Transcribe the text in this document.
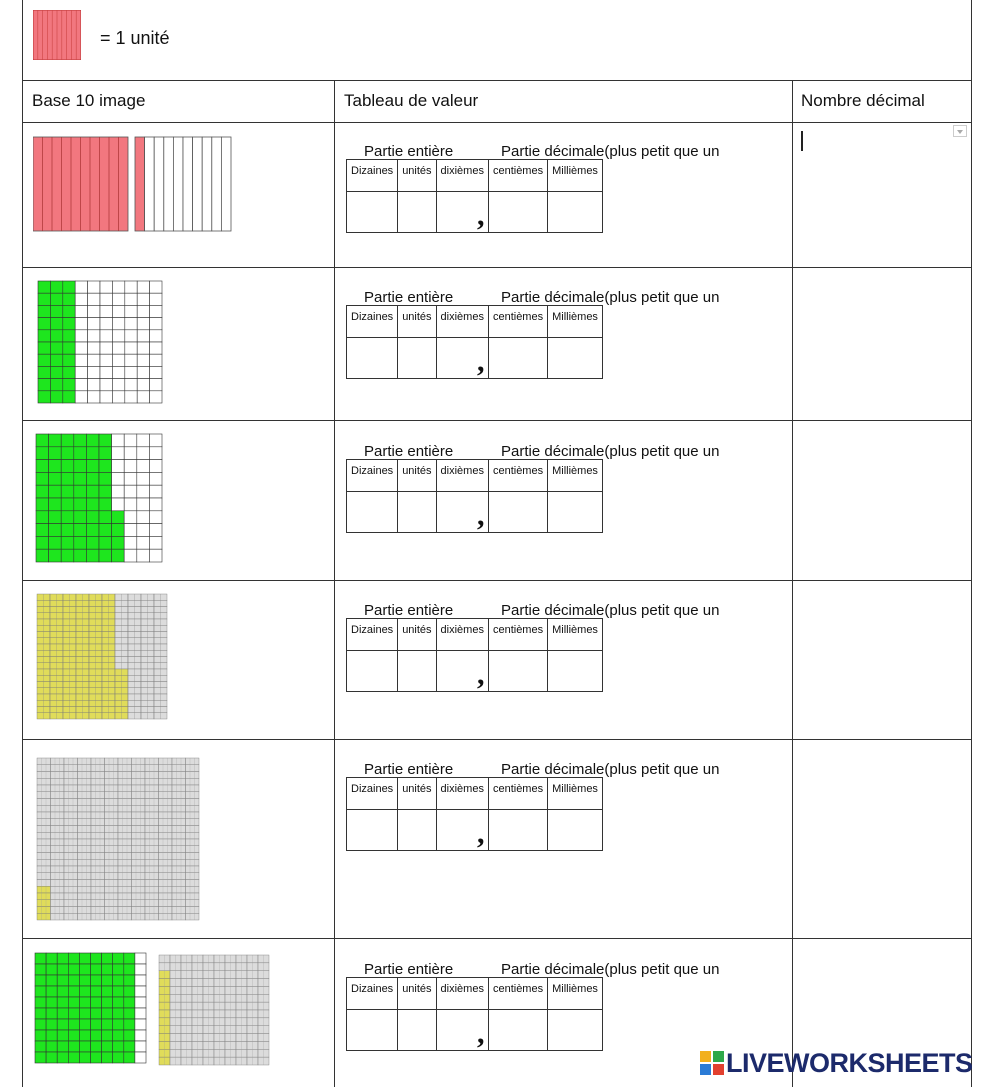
= 1 unité
Base 10 image	Tableau de valeur	Nombre décimal
Partie entière	Partie décimale(plus petit que un
Dizaines	unités	dixièmes	centièmes	Millièmes

,
Partie entière	Partie décimale(plus petit que un
Dizaines	unités	dixièmes	centièmes	Millièmes

,
Partie entière	Partie décimale(plus petit que un
Dizaines	unités	dixièmes	centièmes	Millièmes

,
Partie entière	Partie décimale(plus petit que un
Dizaines	unités	dixièmes	centièmes	Millièmes

,
Partie entière	Partie décimale(plus petit que un
Dizaines	unités	dixièmes	centièmes	Millièmes

,
Partie entière	Partie décimale(plus petit que un
Dizaines	unités	dixièmes	centièmes	Millièmes

,
LIVEWORKSHEETS
